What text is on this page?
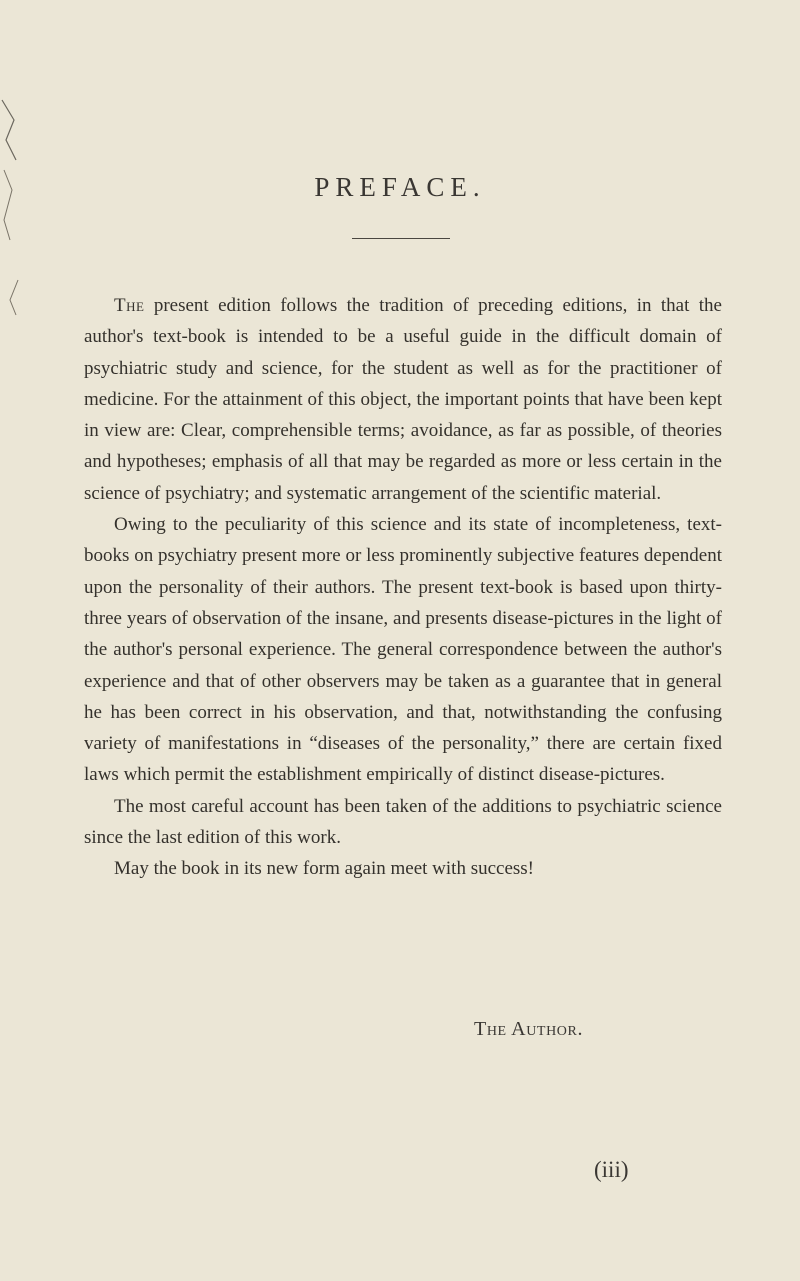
PREFACE.

The present edition follows the tradition of preceding editions, in that the author's text-book is intended to be a useful guide in the difficult domain of psychiatric study and science, for the student as well as for the practitioner of medicine. For the attainment of this object, the important points that have been kept in view are: Clear, comprehensible terms; avoidance, as far as possible, of theories and hypotheses; emphasis of all that may be regarded as more or less certain in the science of psychiatry; and systematic arrangement of the scientific material.

Owing to the peculiarity of this science and its state of incompleteness, text-books on psychiatry present more or less prominently subjective features dependent upon the personality of their authors. The present text-book is based upon thirty-three years of observation of the insane, and presents disease-pictures in the light of the author's personal experience. The general correspondence between the author's experience and that of other observers may be taken as a guarantee that in general he has been correct in his observation, and that, notwithstanding the confusing variety of manifestations in “diseases of the personality,” there are certain fixed laws which permit the establishment empirically of distinct disease-pictures.

The most careful account has been taken of the additions to psychiatric science since the last edition of this work.

May the book in its new form again meet with success!

The Author.
(iii)
